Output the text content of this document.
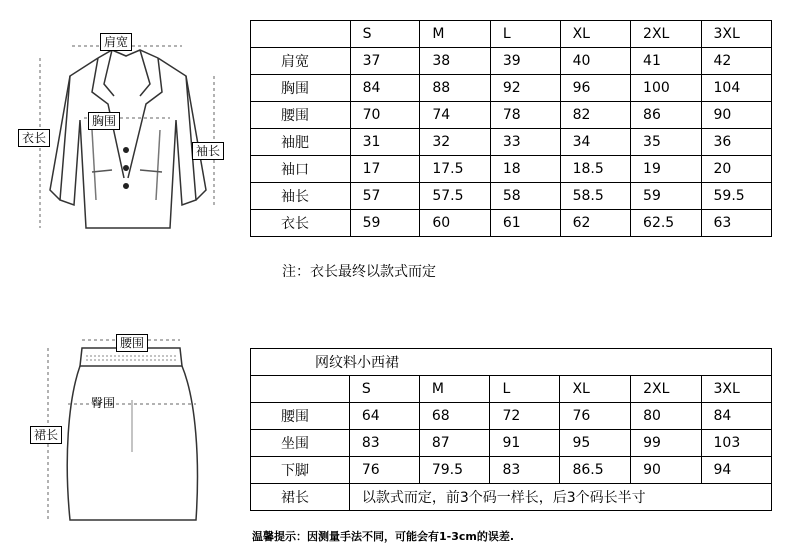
肩宽
胸围
衣长
袖长
	S	M	L	XL	2XL	3XL
肩宽	37	38	39	40	41	42
胸围	84	88	92	96	100	104
腰围	70	74	78	82	86	90
袖肥	31	32	33	34	35	36
袖口	17	17.5	18	18.5	19	20
袖长	57	57.5	58	58.5	59	59.5
衣长	59	60	61	62	62.5	63
注：衣长最终以款式而定
腰围
臀围
裙长
网纹料小西裙						
	S	M	L	XL	2XL	3XL
腰围	64	68	72	76	80	84
坐围	83	87	91	95	99	103
下脚	76	79.5	83	86.5	90	94
裙长	以款式而定，前3个码一样长，后3个码长半寸					
温馨提示：因测量手法不同，可能会有1-3cm的误差.
